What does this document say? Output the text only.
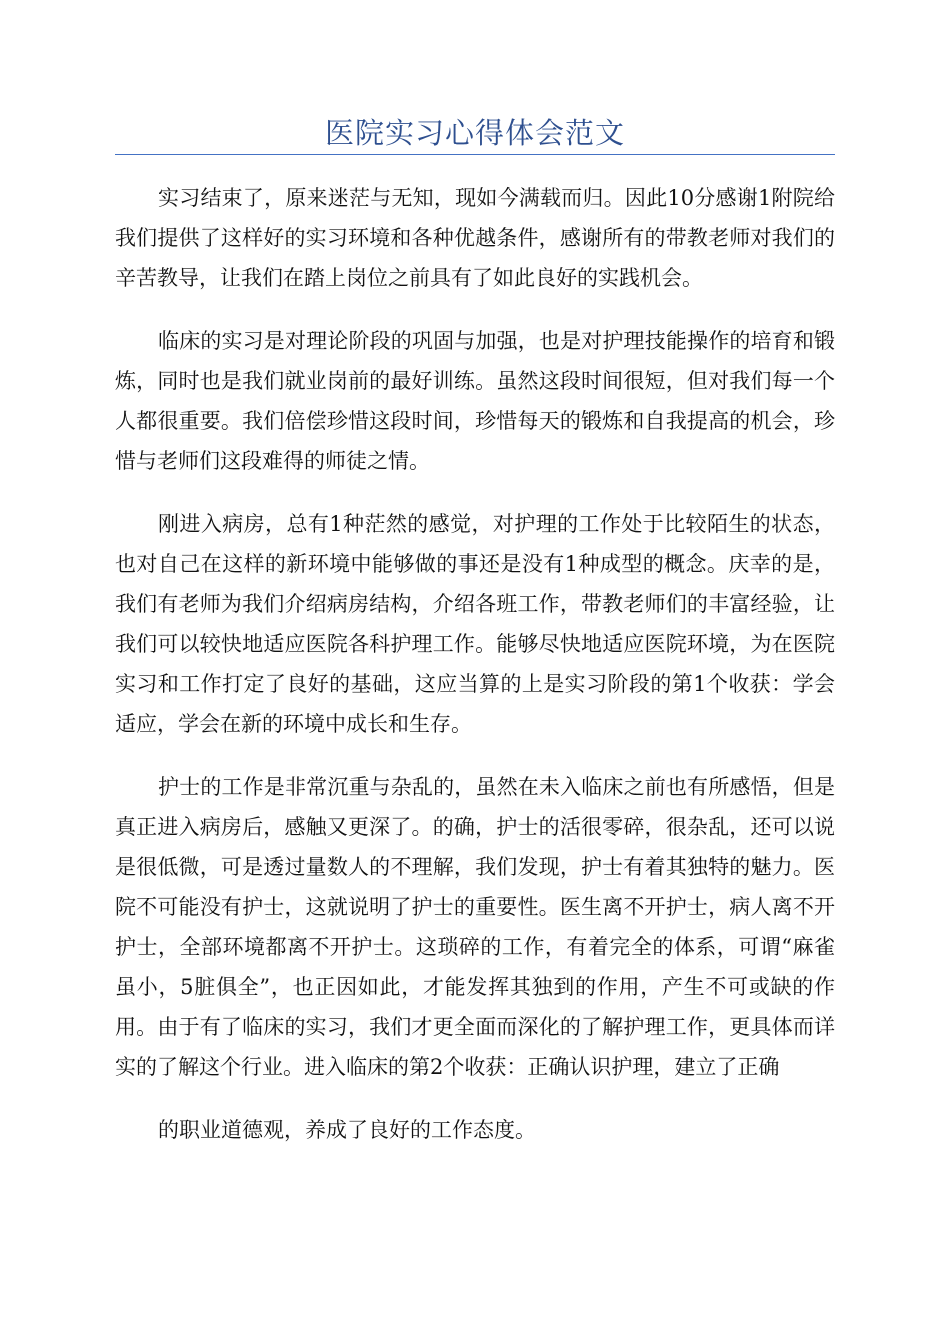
医院实习心得体会范文

实习结束了，原来迷茫与无知，现如今满载而归。因此10分感谢1附院给我们提供了这样好的实习环境和各种优越条件，感谢所有的带教老师对我们的辛苦教导，让我们在踏上岗位之前具有了如此良好的实践机会。

临床的实习是对理论阶段的巩固与加强，也是对护理技能操作的培育和锻炼，同时也是我们就业岗前的最好训练。虽然这段时间很短，但对我们每一个人都很重要。我们倍偿珍惜这段时间，珍惜每天的锻炼和自我提高的机会，珍惜与老师们这段难得的师徒之情。

刚进入病房，总有1种茫然的感觉，对护理的工作处于比较陌生的状态，也对自己在这样的新环境中能够做的事还是没有1种成型的概念。庆幸的是，我们有老师为我们介绍病房结构，介绍各班工作，带教老师们的丰富经验，让我们可以较快地适应医院各科护理工作。能够尽快地适应医院环境，为在医院实习和工作打定了良好的基础，这应当算的上是实习阶段的第1个收获：学会适应，学会在新的环境中成长和生存。

护士的工作是非常沉重与杂乱的，虽然在未入临床之前也有所感悟，但是真正进入病房后，感触又更深了。的确，护士的活很零碎，很杂乱，还可以说是很低微，可是透过量数人的不理解，我们发现，护士有着其独特的魅力。医院不可能没有护士，这就说明了护士的重要性。医生离不开护士，病人离不开护士，全部环境都离不开护士。这琐碎的工作，有着完全的体系，可谓“麻雀虽小，5脏俱全”，也正因如此，才能发挥其独到的作用，产生不可或缺的作用。由于有了临床的实习，我们才更全面而深化的了解护理工作，更具体而详实的了解这个行业。进入临床的第2个收获：正确认识护理，建立了正确

的职业道德观，养成了良好的工作态度。
